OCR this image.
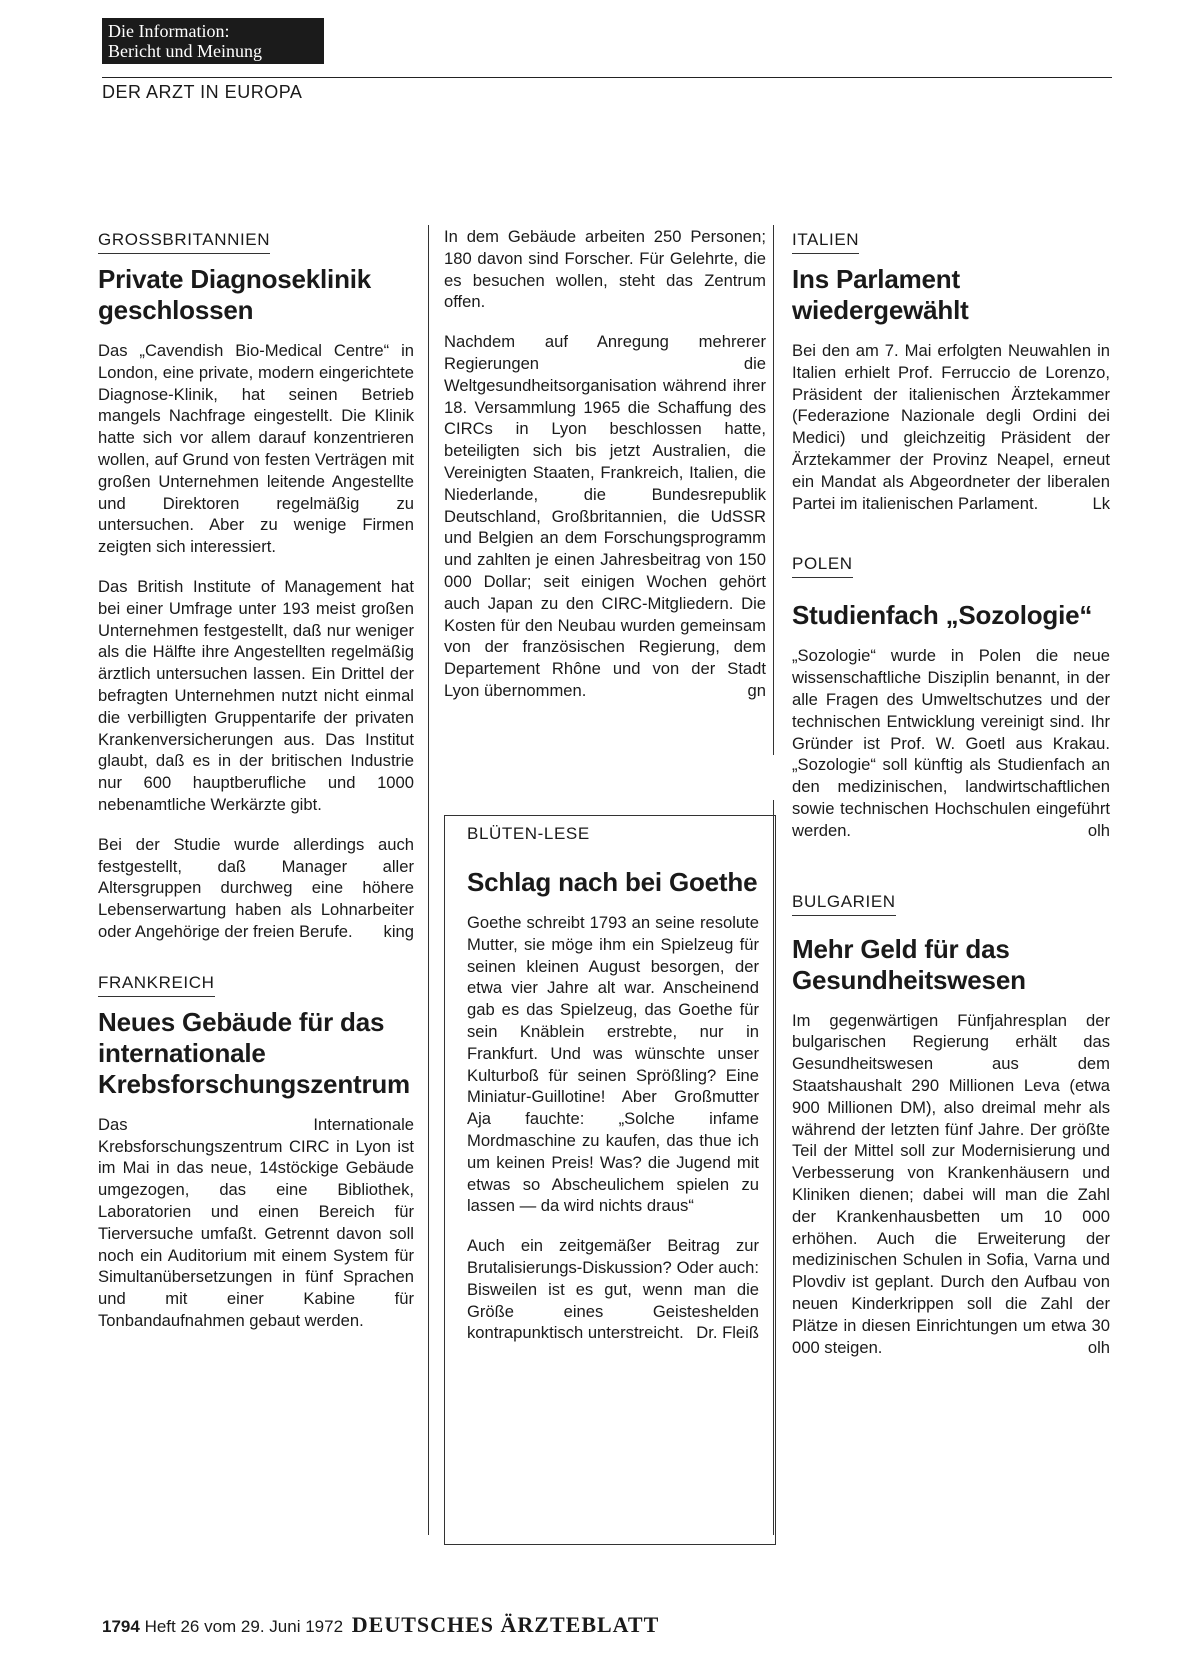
Die Information:
Bericht und Meinung
DER ARZT IN EUROPA
GROSSBRITANNIEN
Private Diagnoseklinik geschlossen

Das „Cavendish Bio-Medical Centre“ in London, eine private, modern eingerichtete Diagnose-Klinik, hat seinen Betrieb mangels Nachfrage eingestellt. Die Klinik hatte sich vor allem darauf konzentrieren wollen, auf Grund von festen Verträgen mit großen Unternehmen leitende Angestellte und Direktoren regelmäßig zu untersuchen. Aber zu wenige Firmen zeigten sich interessiert.

Das British Institute of Management hat bei einer Umfrage unter 193 meist großen Unternehmen festgestellt, daß nur weniger als die Hälfte ihre Angestellten regelmäßig ärztlich untersuchen lassen. Ein Drittel der befragten Unternehmen nutzt nicht einmal die verbilligten Gruppentarife der privaten Krankenversicherungen aus. Das Institut glaubt, daß es in der britischen Industrie nur 600 hauptberufliche und 1000 nebenamtliche Werkärzte gibt.

Bei der Studie wurde allerdings auch festgestellt, daß Manager aller Altersgruppen durchweg eine höhere Lebenserwartung haben als Lohnarbeiter oder Angehörige der freien Berufe. king

FRANKREICH
Neues Gebäude für das internationale Krebsforschungszentrum

Das Internationale Krebsforschungszentrum CIRC in Lyon ist im Mai in das neue, 14stöckige Gebäude umgezogen, das eine Bibliothek, Laboratorien und einen Bereich für Tierversuche umfaßt. Getrennt davon soll noch ein Auditorium mit einem System für Simultanübersetzungen in fünf Sprachen und mit einer Kabine für Tonbandaufnahmen gebaut werden.

In dem Gebäude arbeiten 250 Personen; 180 davon sind Forscher. Für Gelehrte, die es besuchen wollen, steht das Zentrum offen.

Nachdem auf Anregung mehrerer Regierungen die Weltgesundheitsorganisation während ihrer 18. Versammlung 1965 die Schaffung des CIRCs in Lyon beschlossen hatte, beteiligten sich bis jetzt Australien, die Vereinigten Staaten, Frankreich, Italien, die Niederlande, die Bundesrepublik Deutschland, Großbritannien, die UdSSR und Belgien an dem Forschungsprogramm und zahlten je einen Jahresbeitrag von 150 000 Dollar; seit einigen Wochen gehört auch Japan zu den CIRC-Mitgliedern. Die Kosten für den Neubau wurden gemeinsam von der französischen Regierung, dem Departement Rhône und von der Stadt Lyon übernommen.	gn

BLÜTEN-LESE
Schlag nach bei Goethe

Goethe schreibt 1793 an seine resolute Mutter, sie möge ihm ein Spielzeug für seinen kleinen August besorgen, der etwa vier Jahre alt war. Anscheinend gab es das Spielzeug, das Goethe für sein Knäblein erstrebte, nur in Frankfurt. Und was wünschte unser Kulturboß für seinen Sprößling? Eine Miniatur-Guillotine! Aber Großmutter Aja fauchte: „Solche infame Mordmaschine zu kaufen, das thue ich um keinen Preis! Was? die Jugend mit etwas so Abscheulichem spielen zu lassen — da wird nichts draus“

Auch ein zeitgemäßer Beitrag zur Brutalisierungs-Diskussion? Oder auch: Bisweilen ist es gut, wenn man die Größe eines Geisteshelden kontrapunktisch unterstreicht. Dr. Fleiß

ITALIEN
Ins Parlament wiedergewählt

Bei den am 7. Mai erfolgten Neuwahlen in Italien erhielt Prof. Ferruccio de Lorenzo, Präsident der italienischen Ärztekammer (Federazione Nazionale degli Ordini dei Medici) und gleichzeitig Präsident der Ärztekammer der Provinz Neapel, erneut ein Mandat als Abgeordneter der liberalen Partei im italienischen Parlament.	Lk

POLEN
Studienfach „Sozologie“

„Sozologie“ wurde in Polen die neue wissenschaftliche Disziplin benannt, in der alle Fragen des Umweltschutzes und der technischen Entwicklung vereinigt sind. Ihr Gründer ist Prof. W. Goetl aus Krakau. „Sozologie“ soll künftig als Studienfach an den medizinischen, landwirtschaftlichen sowie technischen Hochschulen eingeführt werden.	olh

BULGARIEN
Mehr Geld für das Gesundheitswesen

Im gegenwärtigen Fünfjahresplan der bulgarischen Regierung erhält das Gesundheitswesen aus dem Staatshaushalt 290 Millionen Leva (etwa 900 Millionen DM), also dreimal mehr als während der letzten fünf Jahre. Der größte Teil der Mittel soll zur Modernisierung und Verbesserung von Krankenhäusern und Kliniken dienen; dabei will man die Zahl der Krankenhausbetten um 10 000 erhöhen. Auch die Erweiterung der medizinischen Schulen in Sofia, Varna und Plovdiv ist geplant. Durch den Aufbau von neuen Kinderkrippen soll die Zahl der Plätze in diesen Einrichtungen um etwa 30 000 steigen.	olh

1794 Heft 26 vom 29. Juni 1972 DEUTSCHES ÄRZTEBLATT
